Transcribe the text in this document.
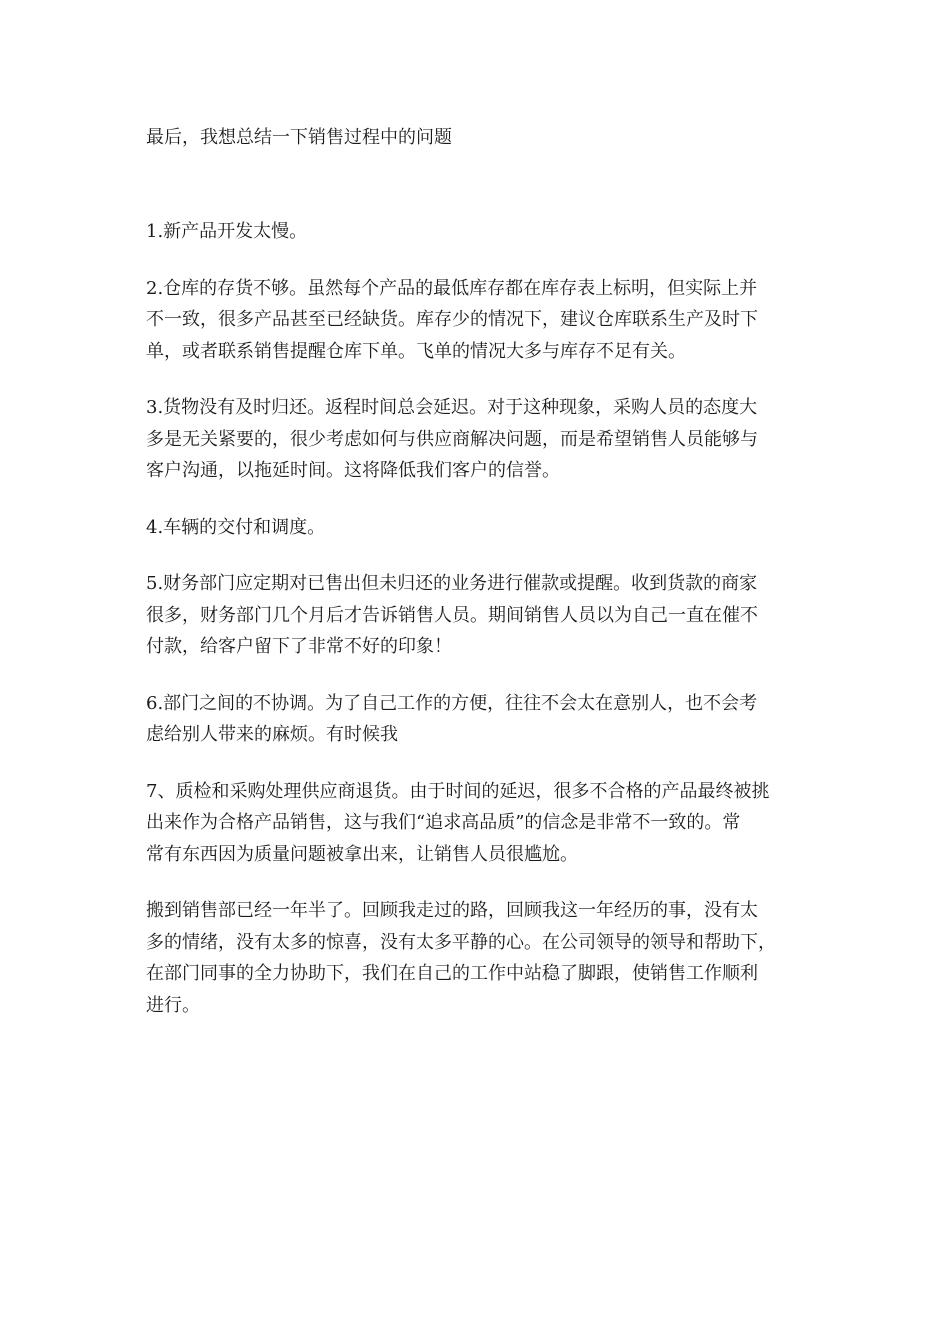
最后，我想总结一下销售过程中的问题
1.新产品开发太慢。
2.仓库的存货不够。虽然每个产品的最低库存都在库存表上标明，但实际上并
不一致，很多产品甚至已经缺货。库存少的情况下，建议仓库联系生产及时下
单，或者联系销售提醒仓库下单。飞单的情况大多与库存不足有关。
3.货物没有及时归还。返程时间总会延迟。对于这种现象，采购人员的态度大
多是无关紧要的，很少考虑如何与供应商解决问题，而是希望销售人员能够与
客户沟通，以拖延时间。这将降低我们客户的信誉。
4.车辆的交付和调度。
5.财务部门应定期对已售出但未归还的业务进行催款或提醒。收到货款的商家
很多，财务部门几个月后才告诉销售人员。期间销售人员以为自己一直在催不
付款，给客户留下了非常不好的印象！
6.部门之间的不协调。为了自己工作的方便，往往不会太在意别人，也不会考
虑给别人带来的麻烦。有时候我
7、质检和采购处理供应商退货。由于时间的延迟，很多不合格的产品最终被挑
出来作为合格产品销售，这与我们“追求高品质”的信念是非常不一致的。常
常有东西因为质量问题被拿出来，让销售人员很尴尬。
搬到销售部已经一年半了。回顾我走过的路，回顾我这一年经历的事，没有太
多的情绪，没有太多的惊喜，没有太多平静的心。在公司领导的领导和帮助下，
在部门同事的全力协助下，我们在自己的工作中站稳了脚跟，使销售工作顺利
进行。
